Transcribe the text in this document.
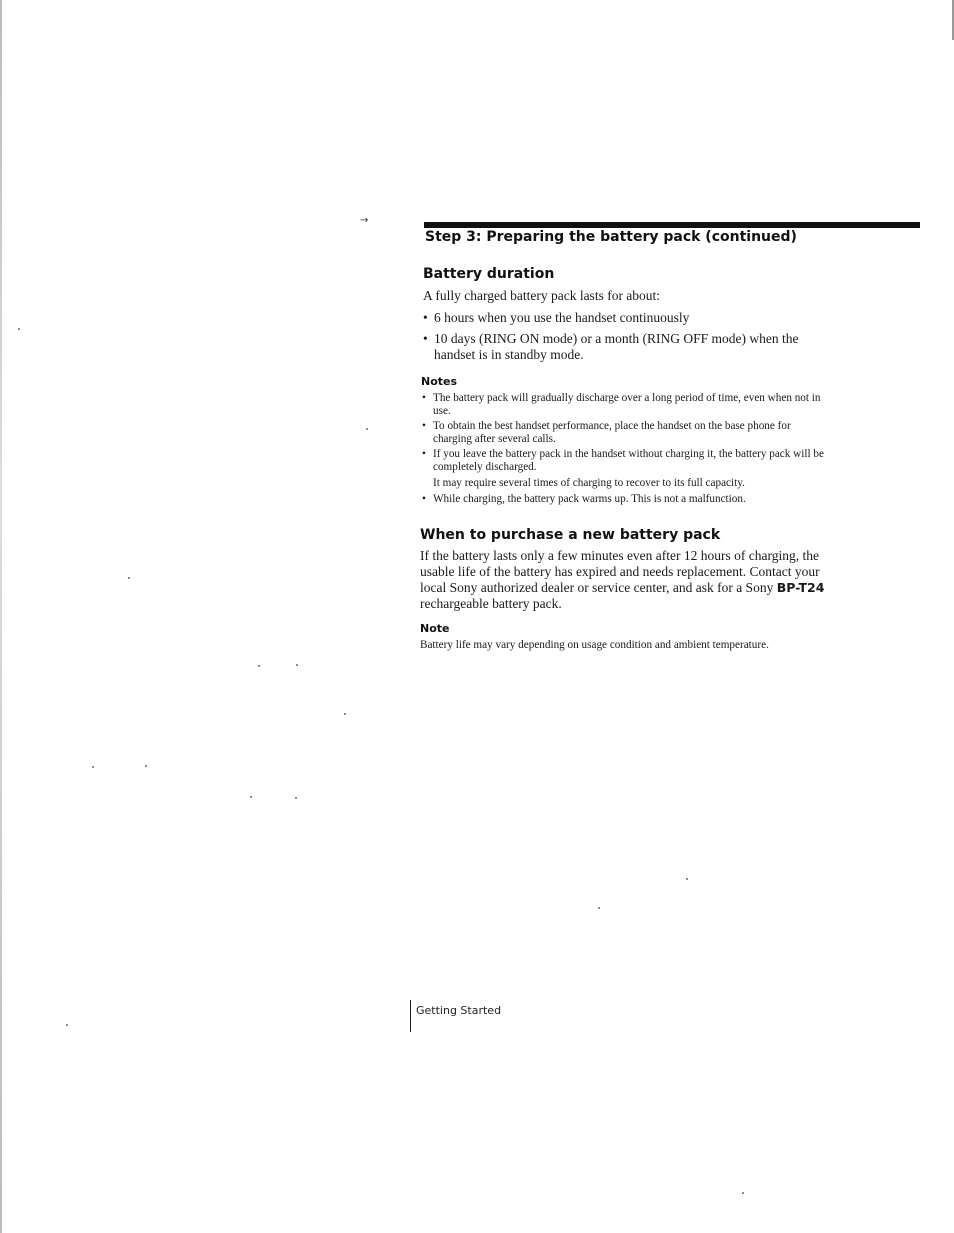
→
Step 3: Preparing the battery pack (continued)
Battery duration
A fully charged battery pack lasts for about:
• 6 hours when you use the handset continuously
• 10 days (RING ON mode) or a month (RING OFF mode) when the handset is in standby mode.
Notes
• The battery pack will gradually discharge over a long period of time, even when not in use.
• To obtain the best handset performance, place the handset on the base phone for charging after several calls.
• If you leave the battery pack in the handset without charging it, the battery pack will be completely discharged.
It may require several times of charging to recover to its full capacity.
• While charging, the battery pack warms up. This is not a malfunction.
When to purchase a new battery pack
If the battery lasts only a few minutes even after 12 hours of charging, the usable life of the battery has expired and needs replacement. Contact your local Sony authorized dealer or service center, and ask for a Sony BP-T24 rechargeable battery pack.
Note
Battery life may vary depending on usage condition and ambient temperature.
Getting Started
